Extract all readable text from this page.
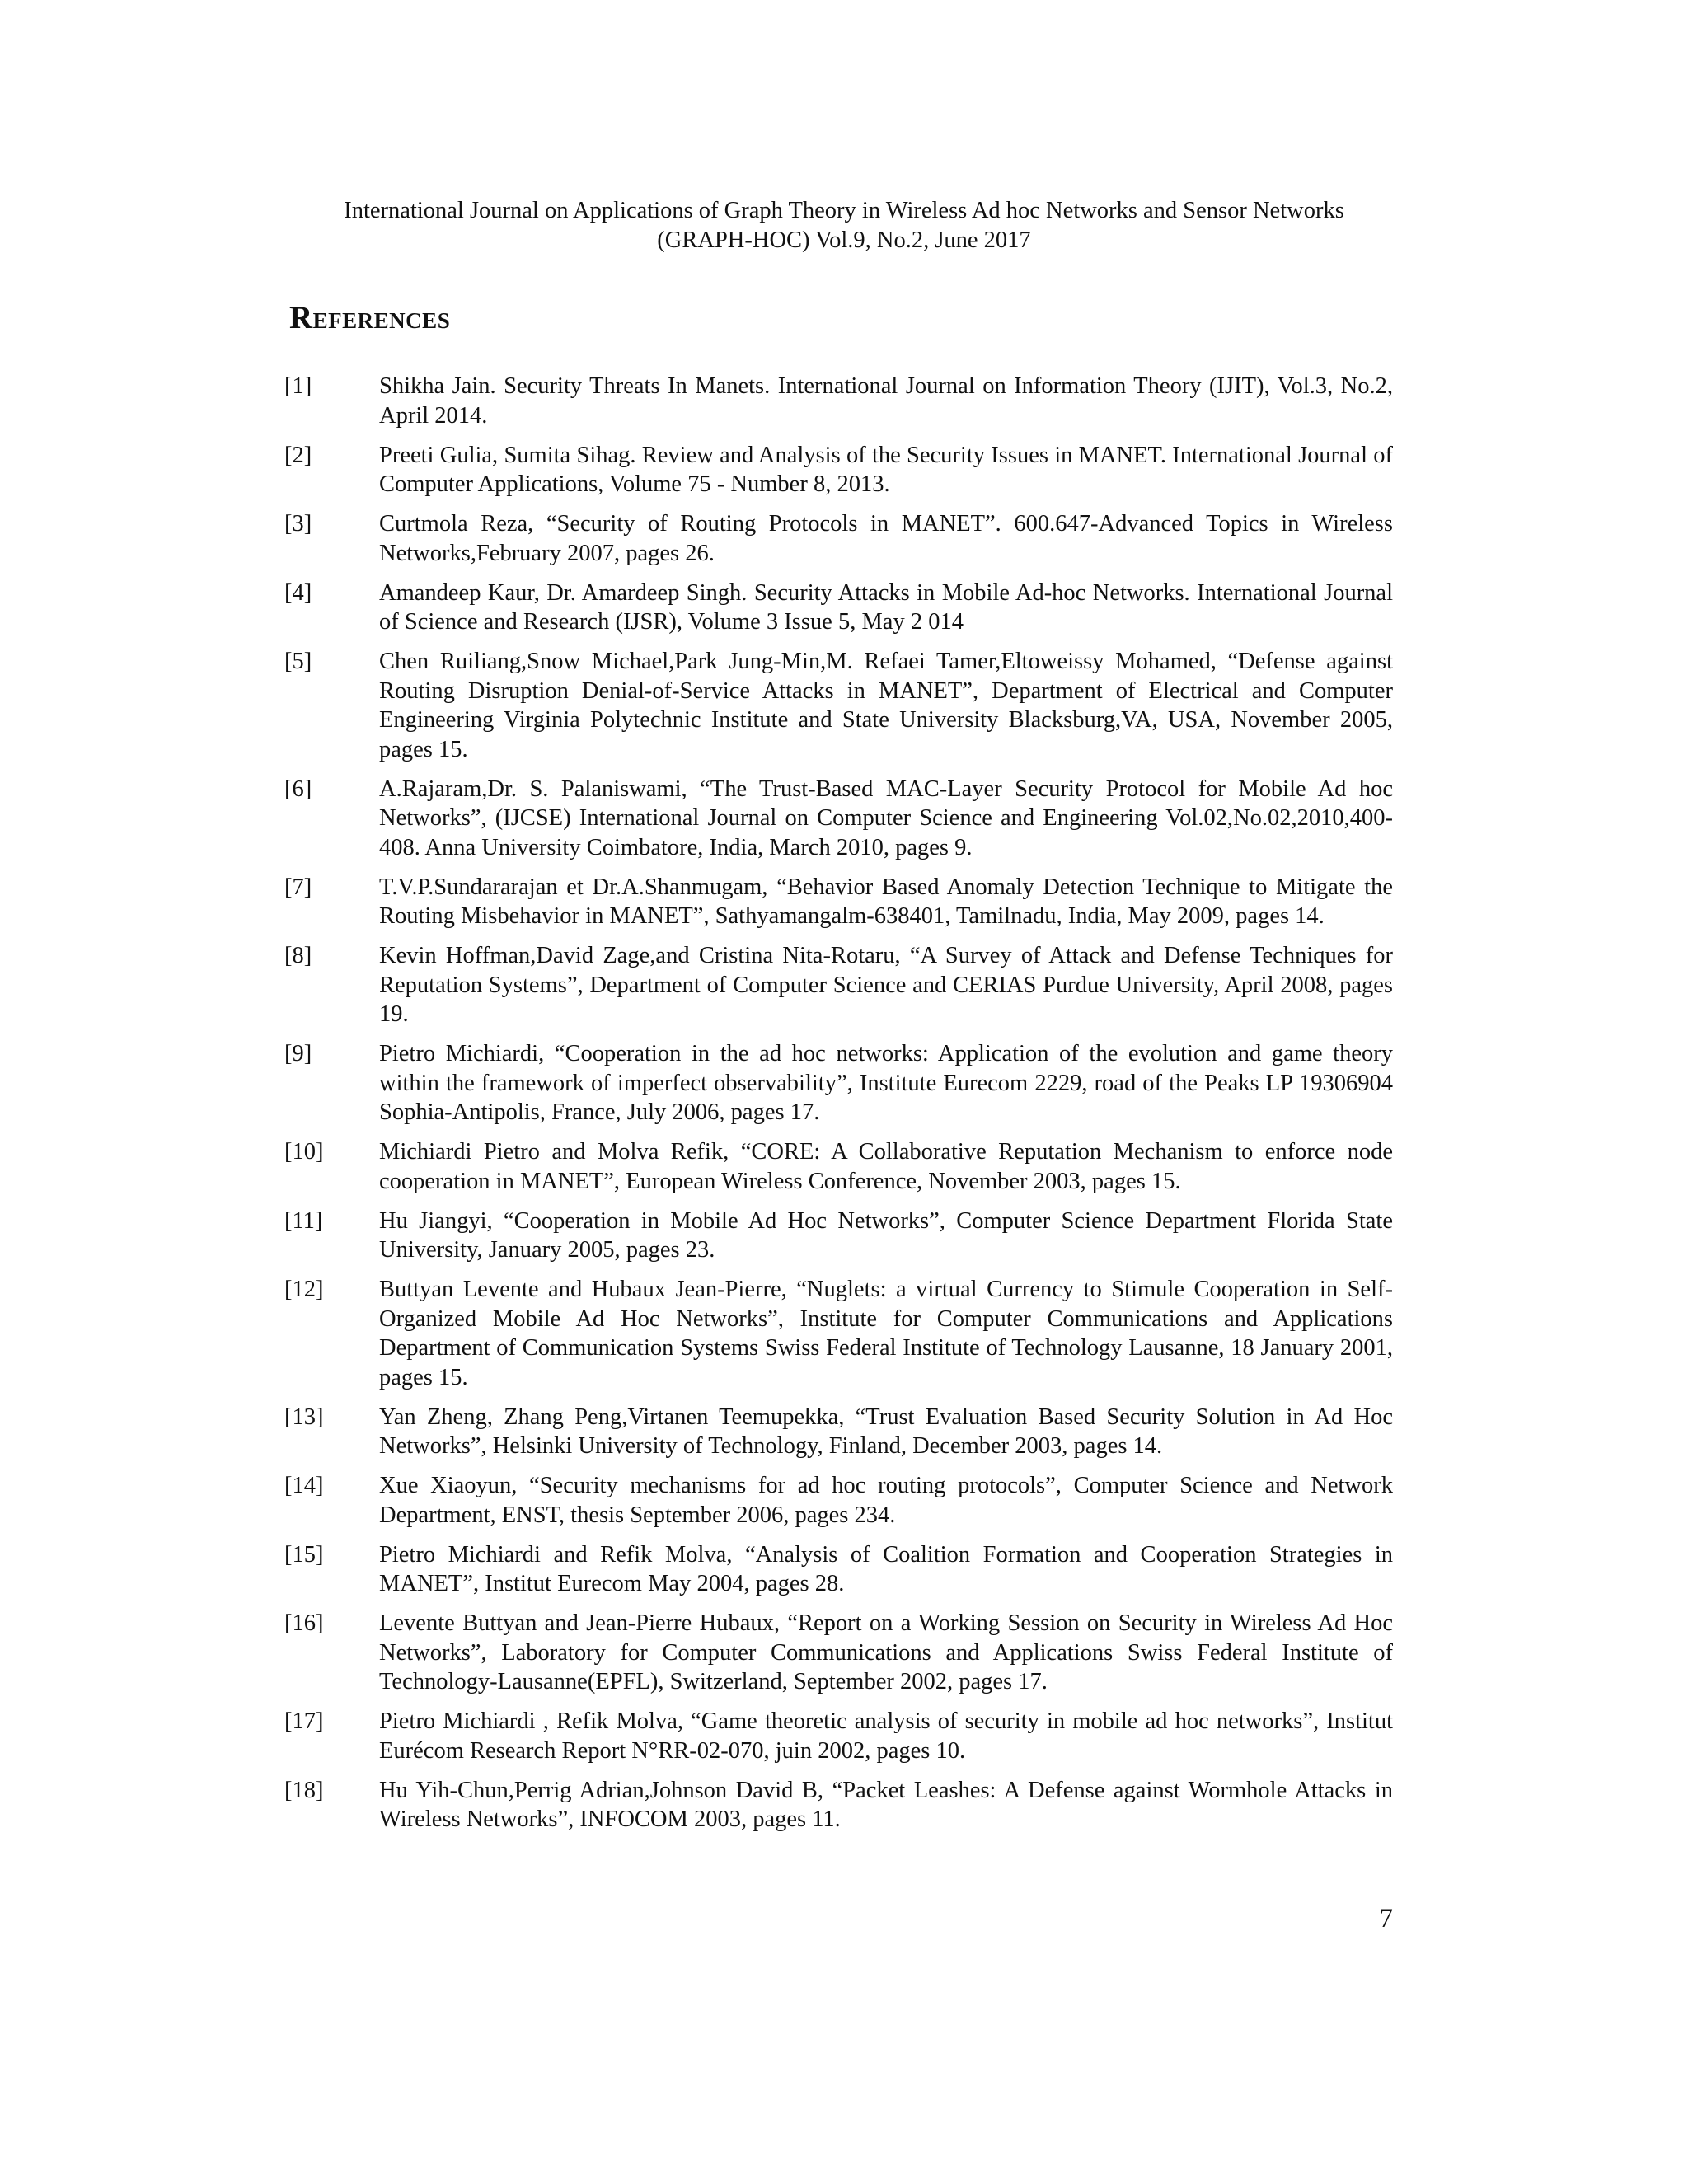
International Journal on Applications of Graph Theory in Wireless Ad hoc Networks and Sensor Networks
(GRAPH-HOC) Vol.9, No.2, June 2017
References
[1]	Shikha Jain. Security Threats In Manets. International Journal on Information Theory (IJIT), Vol.3, No.2, April 2014.
[2]	Preeti Gulia, Sumita Sihag. Review and Analysis of the Security Issues in MANET. International Journal of Computer Applications, Volume 75 - Number 8, 2013.
[3]	Curtmola Reza, “Security of Routing Protocols in MANET”. 600.647-Advanced Topics in Wireless Networks,February 2007, pages 26.
[4]	Amandeep Kaur, Dr. Amardeep Singh. Security Attacks in Mobile Ad-hoc Networks. International Journal of Science and Research (IJSR), Volume 3 Issue 5, May 2 014
[5]	Chen Ruiliang,Snow Michael,Park Jung-Min,M. Refaei Tamer,Eltoweissy Mohamed, “Defense against Routing Disruption Denial-of-Service Attacks in MANET”, Department of Electrical and Computer Engineering Virginia Polytechnic Institute and State University Blacksburg,VA, USA, November 2005, pages 15.
[6]	A.Rajaram,Dr. S. Palaniswami, “The Trust-Based MAC-Layer Security Protocol for Mobile Ad hoc Networks”, (IJCSE) International Journal on Computer Science and Engineering Vol.02,No.02,2010,400-408. Anna University Coimbatore, India, March 2010, pages 9.
[7]	T.V.P.Sundararajan et Dr.A.Shanmugam, “Behavior Based Anomaly Detection Technique to Mitigate the Routing Misbehavior in MANET”, Sathyamangalm-638401, Tamilnadu, India, May 2009, pages 14.
[8]	Kevin Hoffman,David Zage,and Cristina Nita-Rotaru, “A Survey of Attack and Defense Techniques for Reputation Systems”, Department of Computer Science and CERIAS Purdue University, April 2008, pages 19.
[9]	Pietro Michiardi, “Cooperation in the ad hoc networks: Application of the evolution and game theory within the framework of imperfect observability”, Institute Eurecom 2229, road of the Peaks LP 19306904 Sophia-Antipolis, France, July 2006, pages 17.
[10]	Michiardi Pietro and Molva Refik, “CORE: A Collaborative Reputation Mechanism to enforce node cooperation in MANET”, European Wireless Conference, November 2003, pages 15.
[11]	Hu Jiangyi, “Cooperation in Mobile Ad Hoc Networks”, Computer Science Department Florida State University, January 2005, pages 23.
[12]	Buttyan Levente and Hubaux Jean-Pierre, “Nuglets: a virtual Currency to Stimule Cooperation in Self-Organized Mobile Ad Hoc Networks”, Institute for Computer Communications and Applications Department of Communication Systems Swiss Federal Institute of Technology Lausanne, 18 January 2001, pages 15.
[13]	Yan Zheng, Zhang Peng,Virtanen Teemupekka, “Trust Evaluation Based Security Solution in Ad Hoc Networks”, Helsinki University of Technology, Finland, December 2003, pages 14.
[14]	Xue Xiaoyun, “Security mechanisms for ad hoc routing protocols”, Computer Science and Network Department, ENST, thesis September 2006, pages 234.
[15]	Pietro Michiardi and Refik Molva, “Analysis of Coalition Formation and Cooperation Strategies in MANET”, Institut Eurecom May 2004, pages 28.
[16]	Levente Buttyan and Jean-Pierre Hubaux, “Report on a Working Session on Security in Wireless Ad Hoc Networks”, Laboratory for Computer Communications and Applications Swiss Federal Institute of Technology-Lausanne(EPFL), Switzerland, September 2002, pages 17.
[17]	Pietro Michiardi , Refik Molva, “Game theoretic analysis of security in mobile ad hoc networks”, Institut Eurécom Research Report N°RR-02-070, juin 2002, pages 10.
[18]	Hu Yih-Chun,Perrig Adrian,Johnson David B, “Packet Leashes: A Defense against Wormhole Attacks in Wireless Networks”, INFOCOM 2003, pages 11.
7
